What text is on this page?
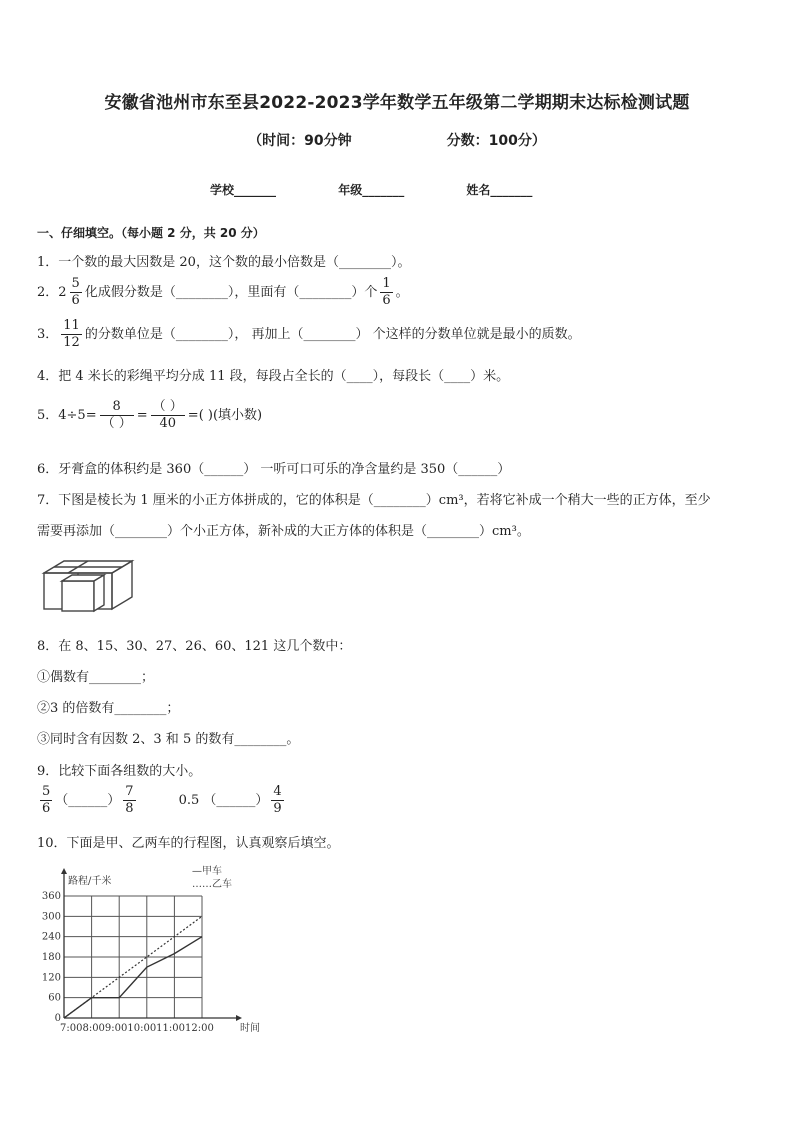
安徽省池州市东至县2022-2023学年数学五年级第二学期期末达标检测试题
（时间：90分钟	分数：100分）
学校_______	年级_______	姓名_______
一、仔细填空。（每小题 2 分，共 20 分）
1．一个数的最大因数是 20，这个数的最小倍数是（________）。
2．$2 \frac{5}{6}$ 化成假分数是（________），里面有（________）个 $\frac{1}{6}$ 。
3． $\frac{11}{12}$ 的分数单位是（________）， 再加上（________） 个这样的分数单位就是最小的质数。
4．把 4 米长的彩绳平均分成 11 段，每段占全长的（____），每段长（____）米。
5．$4\div 5= \frac{8}{( )} = \frac{( )}{40}$ =( )(填小数)
6．牙膏盒的体积约是 360（______） 一听可口可乐的净含量约是 350（______）
7．下图是棱长为 1 厘米的小正方体拼成的，它的体积是（________）cm³，若将它补成一个稍大一些的正方体，至少
需要再添加（________）个小正方体，新补成的大正方体的体积是（________）cm³。
8．在 8、15、30、27、26、60、121 这几个数中：
①偶数有________；
②3 的倍数有________；
③同时含有因数 2、3 和 5 的数有________。
9．比较下面各组数的大小。
$\frac{5}{6}$ （______） $\frac{7}{8}$	0.5 （______） $\frac{4}{9}$
10．下面是甲、乙两车的行程图，认真观察后填空。
360
300
240
180
120
60
0
7:008:009:0010:0011:0012:00
路程/千米
时间
—甲车
……乙车
